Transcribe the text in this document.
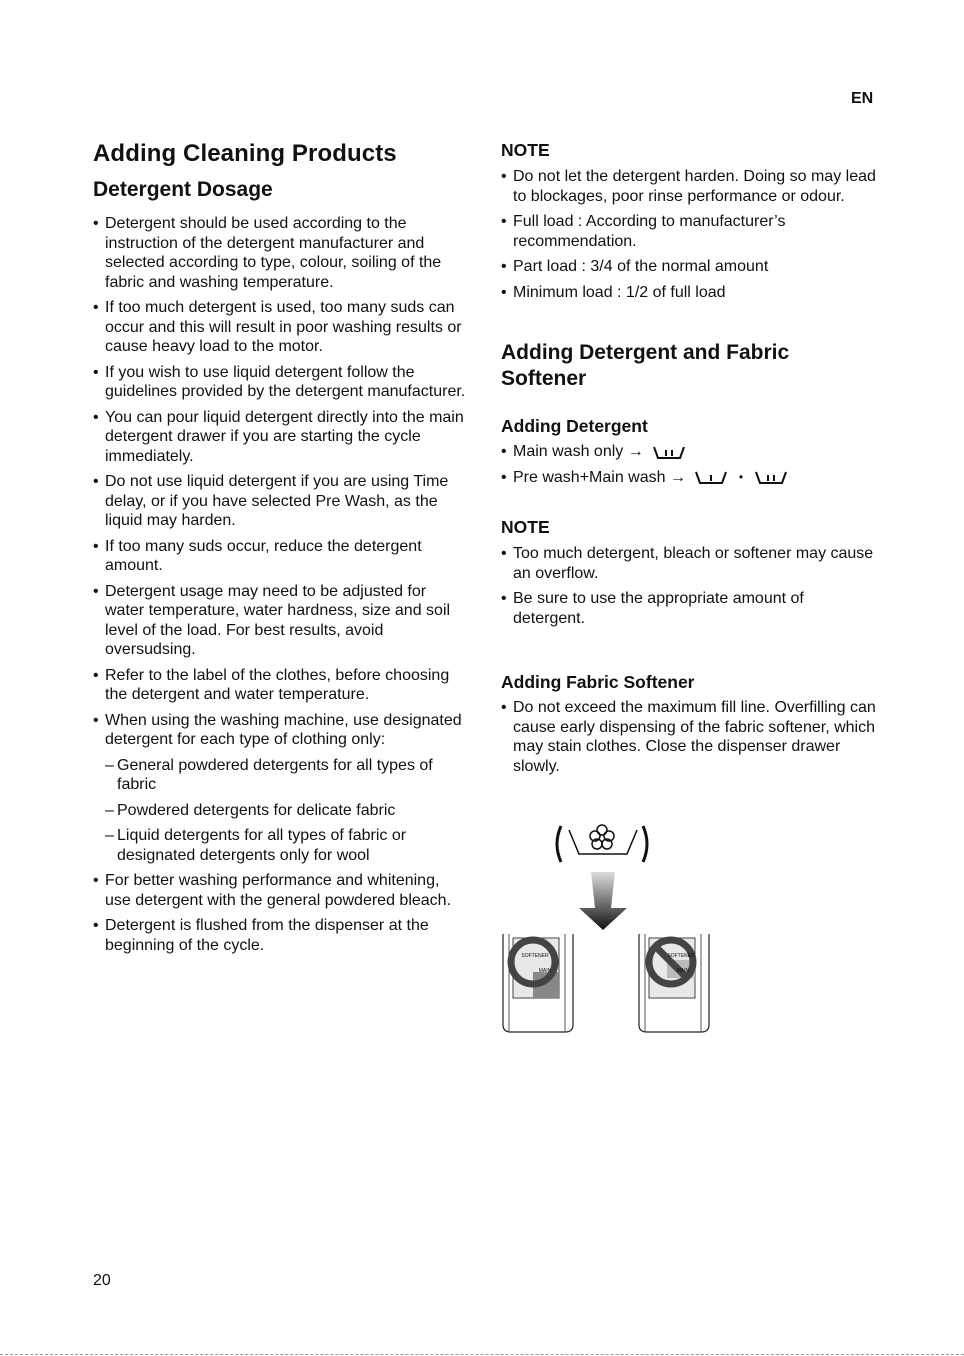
EN
Adding Cleaning Products
Detergent Dosage
• Detergent should be used according to the instruction of the detergent manufacturer and selected according to type, colour, soiling of the fabric and washing temperature.
• If too much detergent is used, too many suds can occur and this will result in poor washing results or cause heavy load to the motor.
• If you wish to use liquid detergent follow the guidelines provided by the detergent manufacturer.
• You can pour liquid detergent directly into the main detergent drawer if you are starting the cycle immediately.
• Do not use liquid detergent if you are using Time delay, or if you have selected Pre Wash, as the liquid may harden.
• If too many suds occur, reduce the detergent amount.
• Detergent usage may need to be adjusted for water temperature, water hardness, size and soil level of the load. For best results, avoid oversudsing.
• Refer to the label of the clothes, before choosing the detergent and water temperature.
• When using the washing machine, use designated detergent for each type of clothing only:
– General powdered detergents for all types of fabric
– Powdered detergents for delicate fabric
– Liquid detergents for all types of fabric or designated detergents only for wool
• For better washing performance and whitening, use detergent with the general powdered bleach.
• Detergent is flushed from the dispenser at the beginning of the cycle.
NOTE
• Do not let the detergent harden. Doing so may lead to blockages, poor rinse performance or odour.
• Full load : According to manufacturer’s recommendation.
• Part load : 3/4 of the normal amount
• Minimum load : 1/2 of full load
Adding Detergent and Fabric Softener
Adding Detergent
• Main wash only →
• Pre wash+Main wash →	•
NOTE
• Too much detergent, bleach or softener may cause an overflow.
• Be sure to use the appropriate amount of detergent.
Adding Fabric Softener
• Do not exceed the maximum fill line. Overfilling can cause early dispensing of the fabric softener, which may stain clothes. Close the dispenser drawer slowly.
SOFTENER
MAIN
SOFTENER
MAIN
20
